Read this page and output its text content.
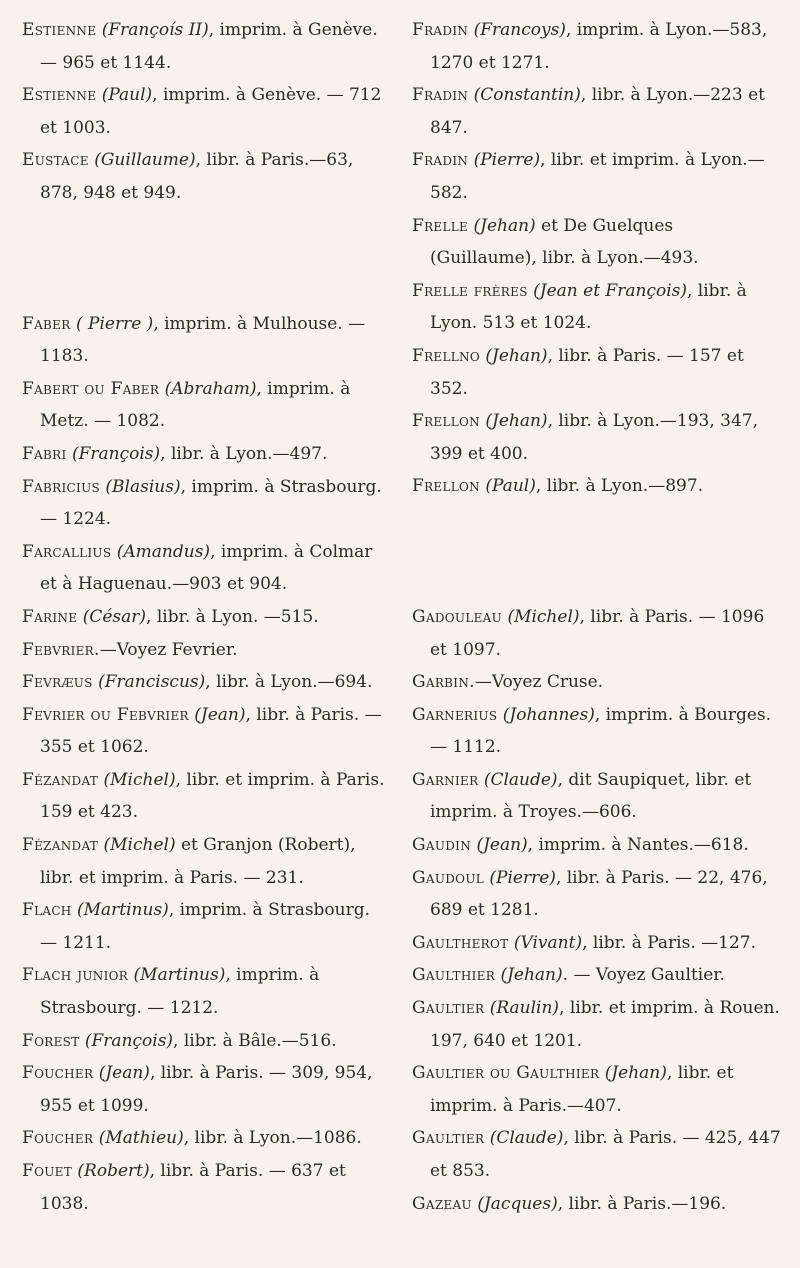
Estienne (Françoís II), imprim. à Genève.— 965 et 1144.

Estienne (Paul), imprim. à Genève. — 712 et 1003.

Eustace (Guillaume), libr. à Paris.—63, 878, 948 et 949.

Faber ( Pierre ), imprim. à Mulhouse. — 1183.

Fabert ou Faber (Abraham), imprim. à Metz. — 1082.

Fabri (François), libr. à Lyon.—497.

Fabricius (Blasius), imprim. à Strasbourg.— 1224.

Farcallius (Amandus), imprim. à Colmar et à Haguenau.—903 et 904.

Farine (César), libr. à Lyon. —515.

Febvrier.—Voyez Fevrier.

Fevræus (Franciscus), libr. à Lyon.—694.

Fevrier ou Febvrier (Jean), libr. à Paris. — 355 et 1062.

Fézandat (Michel), libr. et imprim. à Paris. 159 et 423.

Fézandat (Michel) et Granjon (Robert), libr. et imprim. à Paris. — 231.

Flach (Martinus), imprim. à Strasbourg. — 1211.

Flach junior (Martinus), imprim. à Strasbourg. — 1212.

Forest (François), libr. à Bâle.—516.

Foucher (Jean), libr. à Paris. — 309, 954, 955 et 1099.

Foucher (Mathieu), libr. à Lyon.—1086.

Fouet (Robert), libr. à Paris. — 637 et 1038.

Fradin (Francoys), imprim. à Lyon.—583, 1270 et 1271.

Fradin (Constantin), libr. à Lyon.—223 et 847.

Fradin (Pierre), libr. et imprim. à Lyon.— 582.

Frelle (Jehan) et De Guelques (Guillaume), libr. à Lyon.—493.

Frelle frères (Jean et François), libr. à Lyon. 513 et 1024.

Frellno (Jehan), libr. à Paris. — 157 et 352.

Frellon (Jehan), libr. à Lyon.—193, 347, 399 et 400.

Frellon (Paul), libr. à Lyon.—897.

Gadouleau (Michel), libr. à Paris. — 1096 et 1097.

Garbin.—Voyez Cruse.

Garnerius (Johannes), imprim. à Bourges.— 1112.

Garnier (Claude), dit Saupiquet, libr. et imprim. à Troyes.—606.

Gaudin (Jean), imprim. à Nantes.—618.

Gaudoul (Pierre), libr. à Paris. — 22, 476, 689 et 1281.

Gaultherot (Vivant), libr. à Paris. —127.

Gaulthier (Jehan). — Voyez Gaultier.

Gaultier (Raulin), libr. et imprim. à Rouen. 197, 640 et 1201.

Gaultier ou Gaulthier (Jehan), libr. et imprim. à Paris.—407.

Gaultier (Claude), libr. à Paris. — 425, 447 et 853.

Gazeau (Jacques), libr. à Paris.—196.
